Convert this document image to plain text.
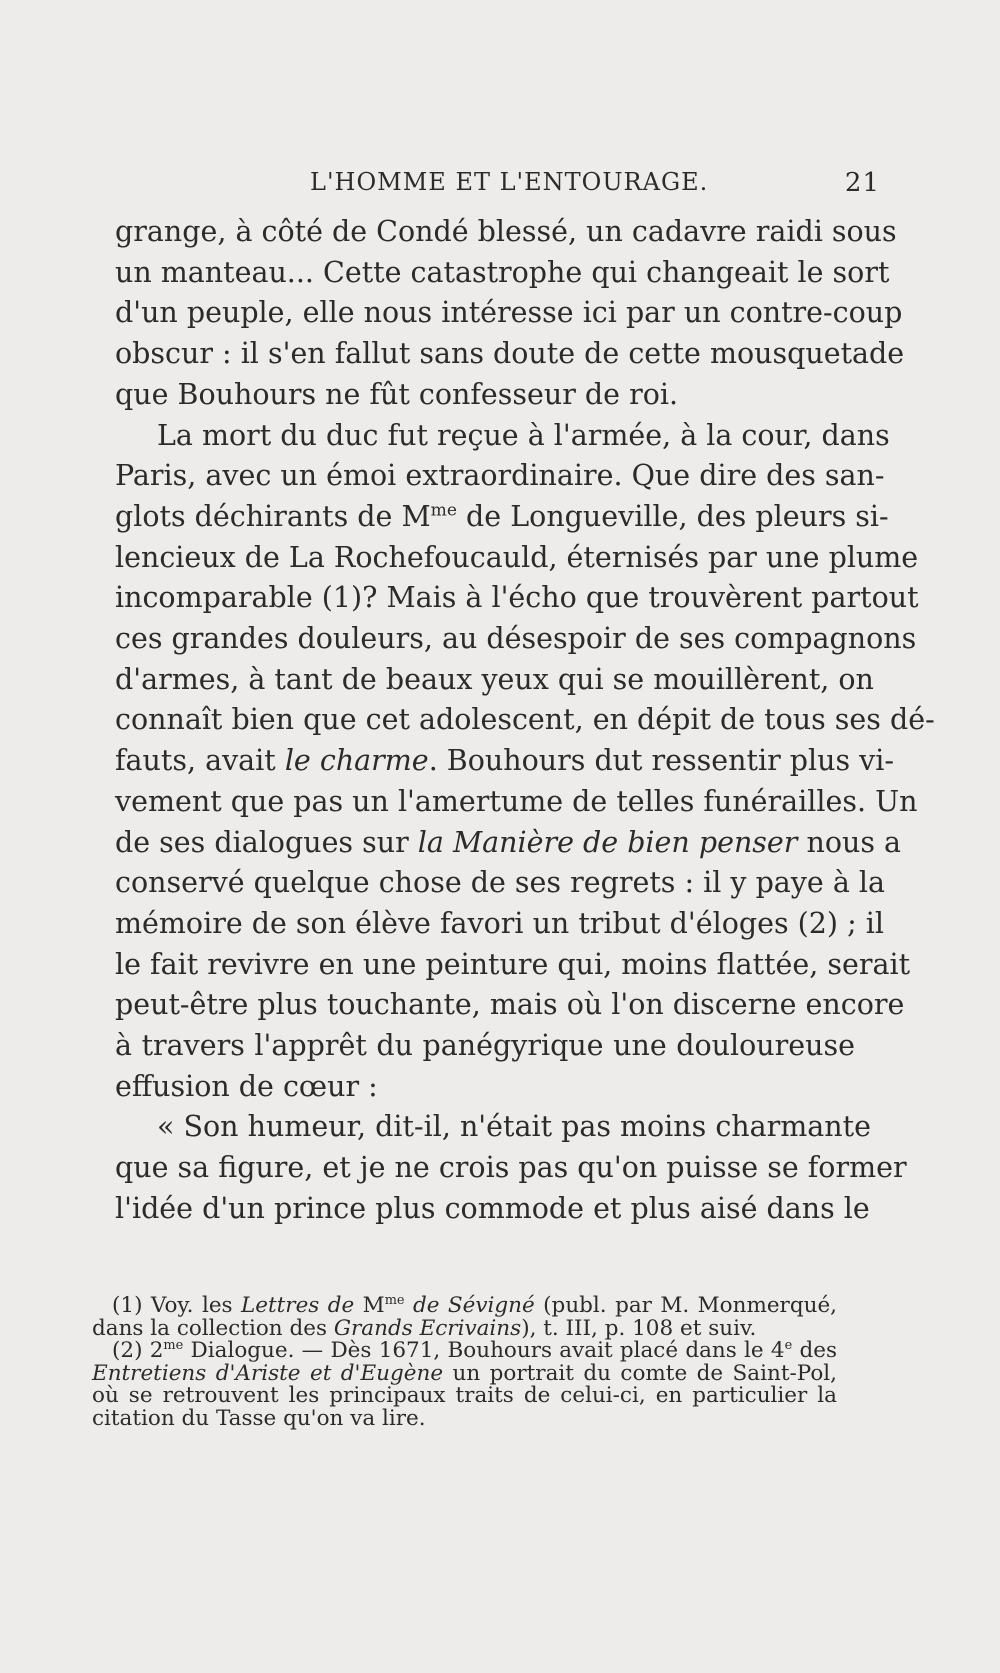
L'HOMME ET L'ENTOURAGE.	21
grange, à côté de Condé blessé, un cadavre raidi sous
un manteau... Cette catastrophe qui changeait le sort
d'un peuple, elle nous intéresse ici par un contre-coup
obscur : il s'en fallut sans doute de cette mousquetade
que Bouhours ne fût confesseur de roi.
La mort du duc fut reçue à l'armée, à la cour, dans
Paris, avec un émoi extraordinaire. Que dire des san-
glots déchirants de $M^{me}$ de Longueville, des pleurs si-
lencieux de La Rochefoucauld, éternisés par une plume
incomparable (1)? Mais à l'écho que trouvèrent partout
ces grandes douleurs, au désespoir de ses compagnons
d'armes, à tant de beaux yeux qui se mouillèrent, on
connaît bien que cet adolescent, en dépit de tous ses dé-
fauts, avait le charme. Bouhours dut ressentir plus vi-
vement que pas un l'amertume de telles funérailles. Un
de ses dialogues sur la Manière de bien penser nous a
conservé quelque chose de ses regrets : il y paye à la
mémoire de son élève favori un tribut d'éloges (2) ; il
le fait revivre en une peinture qui, moins flattée, serait
peut-être plus touchante, mais où l'on discerne encore
à travers l'apprêt du panégyrique une douloureuse
effusion de cœur :
« Son humeur, dit-il, n'était pas moins charmante
que sa figure, et je ne crois pas qu'on puisse se former
l'idée d'un prince plus commode et plus aisé dans le
(1) Voy. les Lettres de $M^{me}$ de Sévigné (publ. par M. Monmerqué,
dans la collection des Grands Ecrivains), t. III, p. 108 et suiv.
(2) $2^{me}$ Dialogue. — Dès 1671, Bouhours avait placé dans le 4e des
Entretiens d'Ariste et d'Eugène un portrait du comte de Saint-Pol,
où se retrouvent les principaux traits de celui-ci, en particulier la
citation du Tasse qu'on va lire.
